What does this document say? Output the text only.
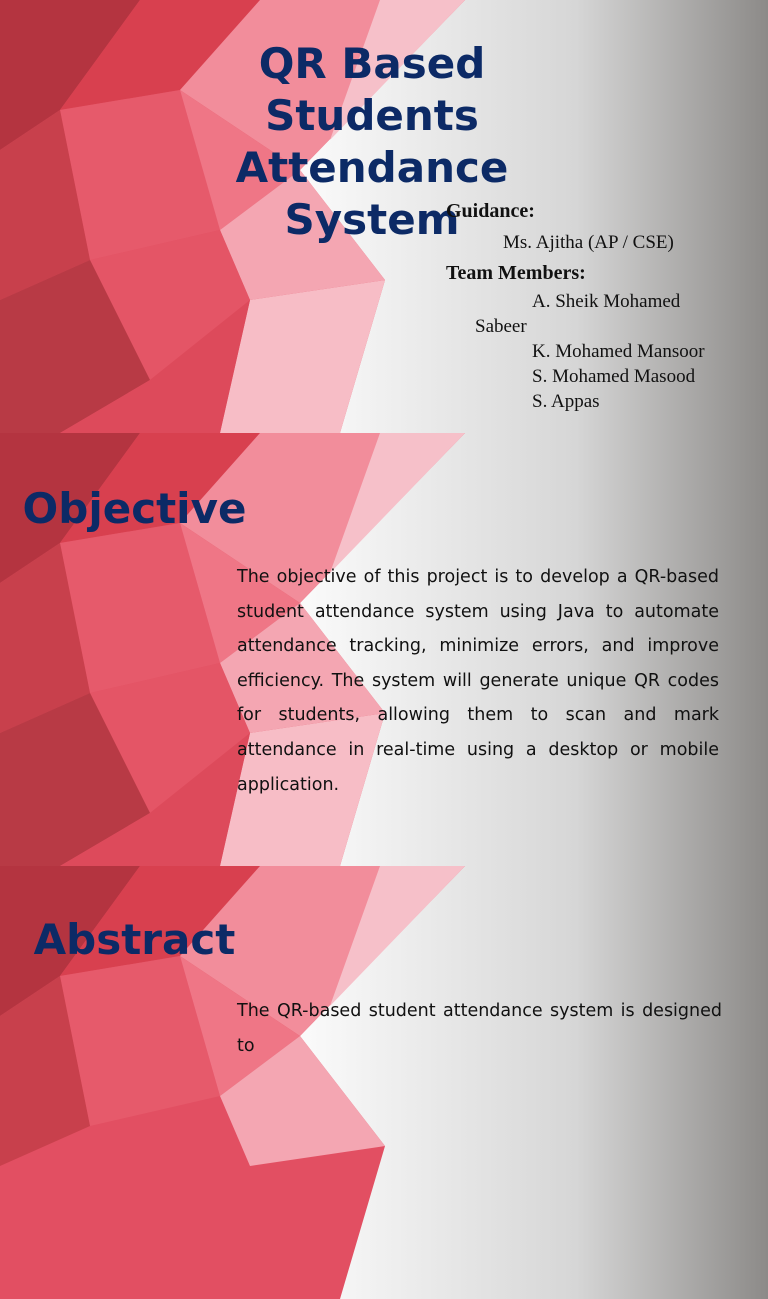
QR Based Students Attendance System

Guidance:

Ms. Ajitha (AP / CSE)

Team Members:

A. Sheik Mohamed Sabeer
K. Mohamed Mansoor
S. Mohamed Masood
S. Appas
Objective

The objective of this project is to develop a QR-based student attendance system using Java to automate attendance tracking, minimize errors, and improve efficiency. The system will generate unique QR codes for students, allowing them to scan and mark attendance in real-time using a desktop or mobile application.

Abstract

The QR-based student attendance system is designed to
